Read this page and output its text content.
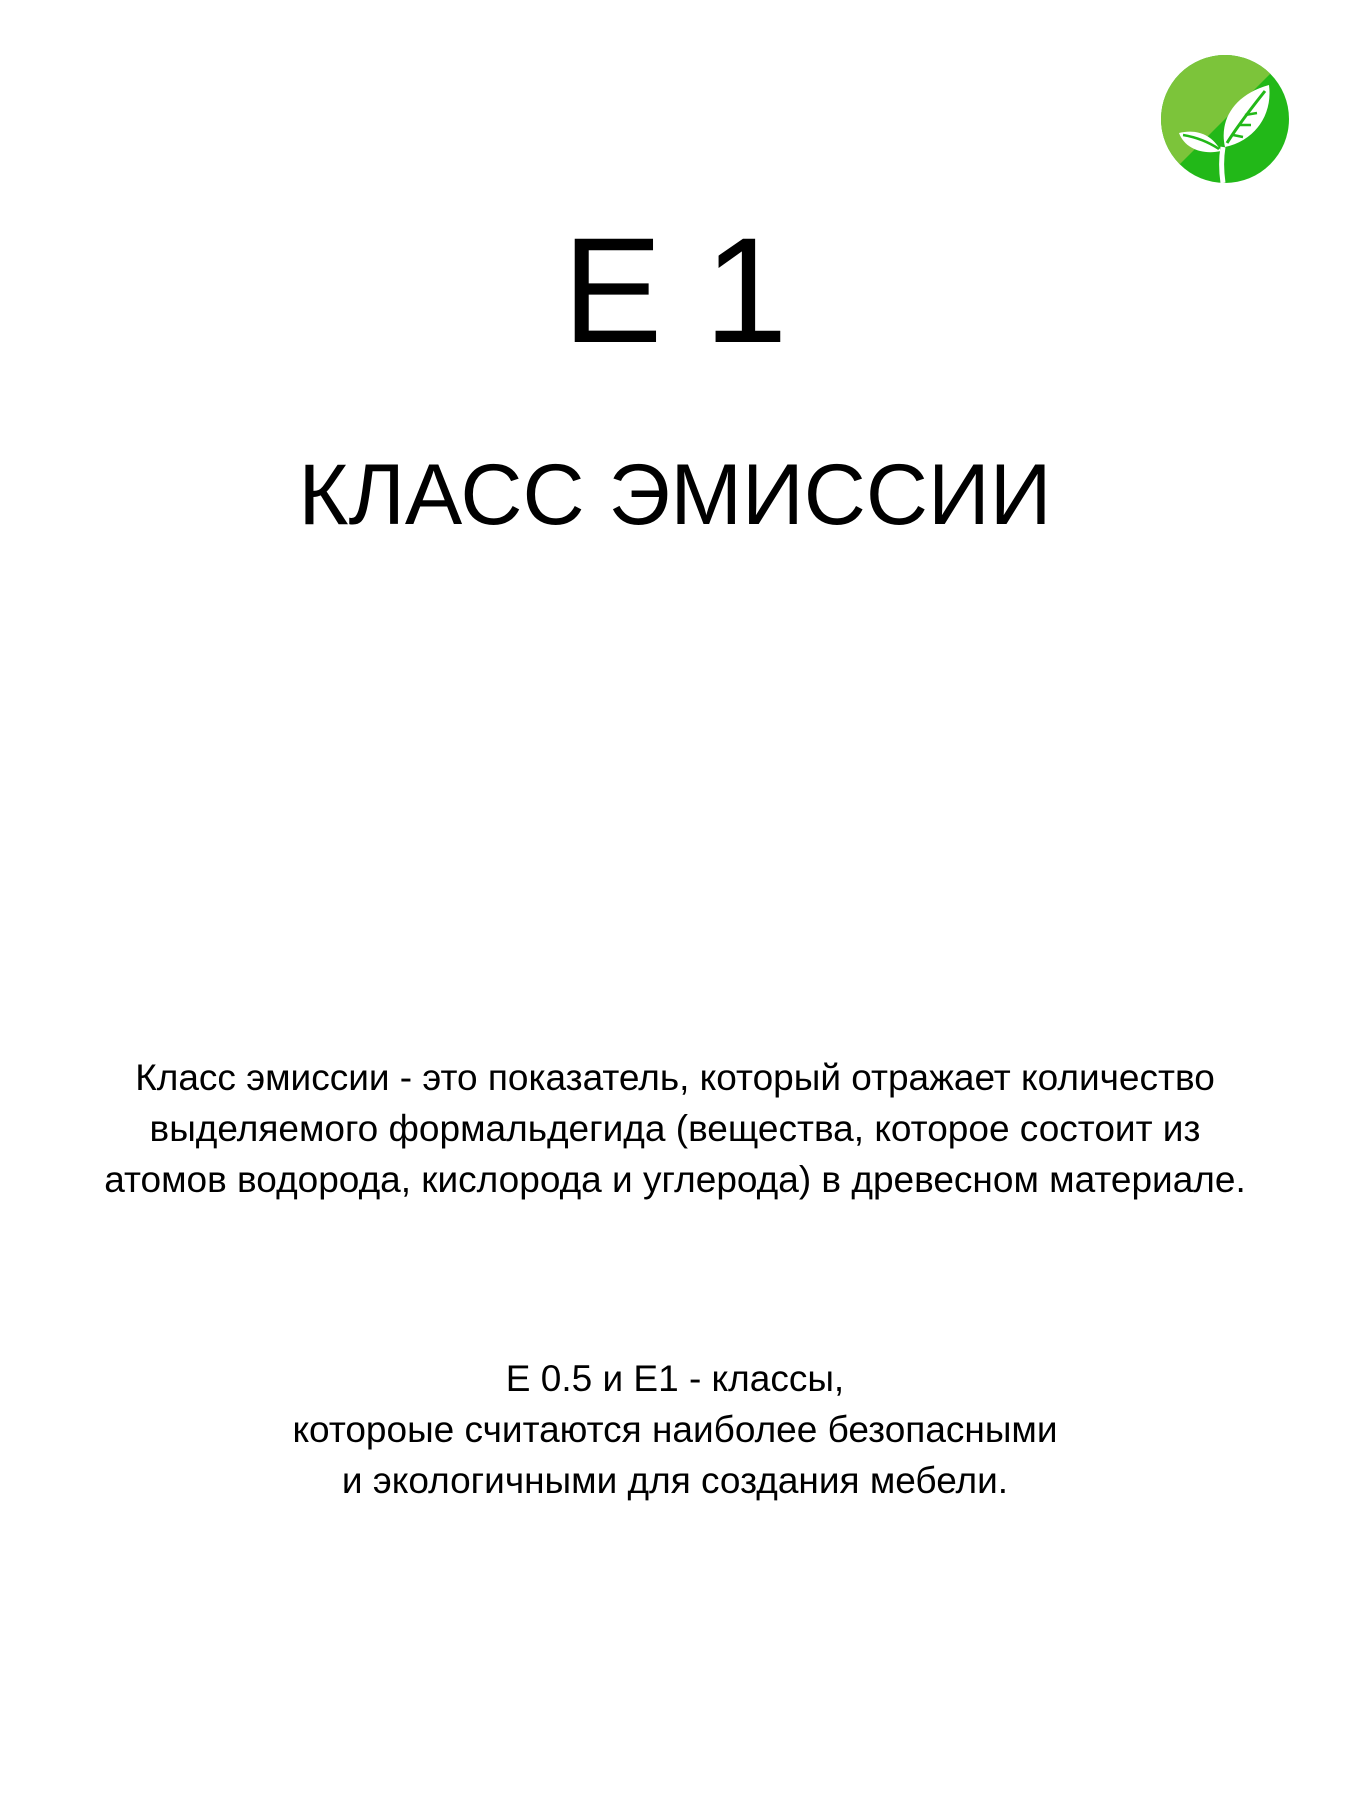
E 1
КЛАСС ЭМИССИИ

Класс эмиссии - это показатель, который отражает количество
выделяемого формальдегида (вещества, которое состоит из
атомов водорода, кислорода и углерода) в древесном материале.

E 0.5 и E1 - классы,
котороые считаются наиболее безопасными
и экологичными для создания мебели.
